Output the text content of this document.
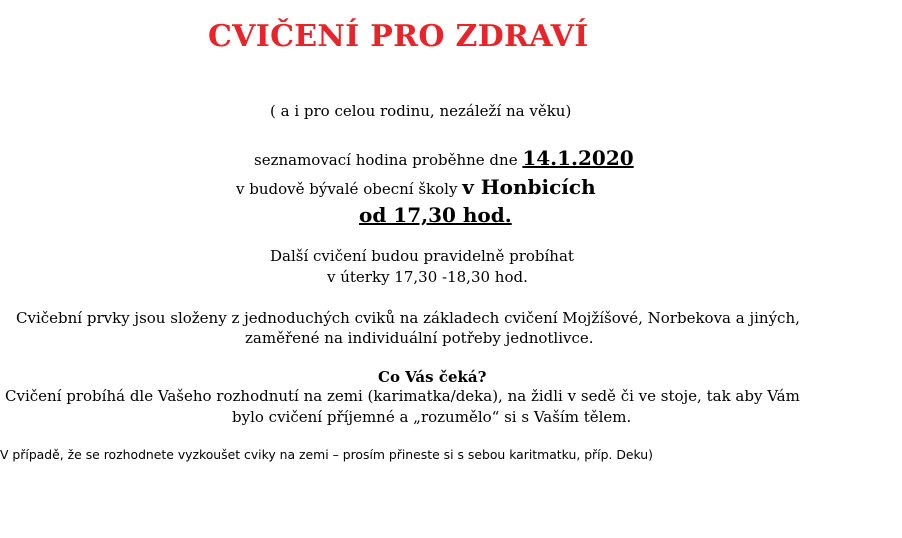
CVIČENÍ PRO ZDRAVÍ
( a i pro celou rodinu, nezáleží na věku)
seznamovací hodina proběhne dne 14.1.2020
v budově bývalé obecní školy v Honbicích
od 17,30 hod.
Další cvičení budou pravidelně probíhat
v úterky 17,30 -18,30 hod.
Cvičební prvky jsou složeny z jednoduchých cviků na základech cvičení Mojžíšové, Norbekova a jiných,
zaměřené na individuální potřeby jednotlivce.
Co Vás čeká?
Cvičení probíhá dle Vašeho rozhodnutí na zemi (karimatka/deka), na židli v sedě či ve stoje, tak aby Vám
bylo cvičení příjemné a „rozumělo“ si s Vaším tělem.
V případě, že se rozhodnete vyzkoušet cviky na zemi – prosím přineste si s sebou karitmatku, příp. Deku)
